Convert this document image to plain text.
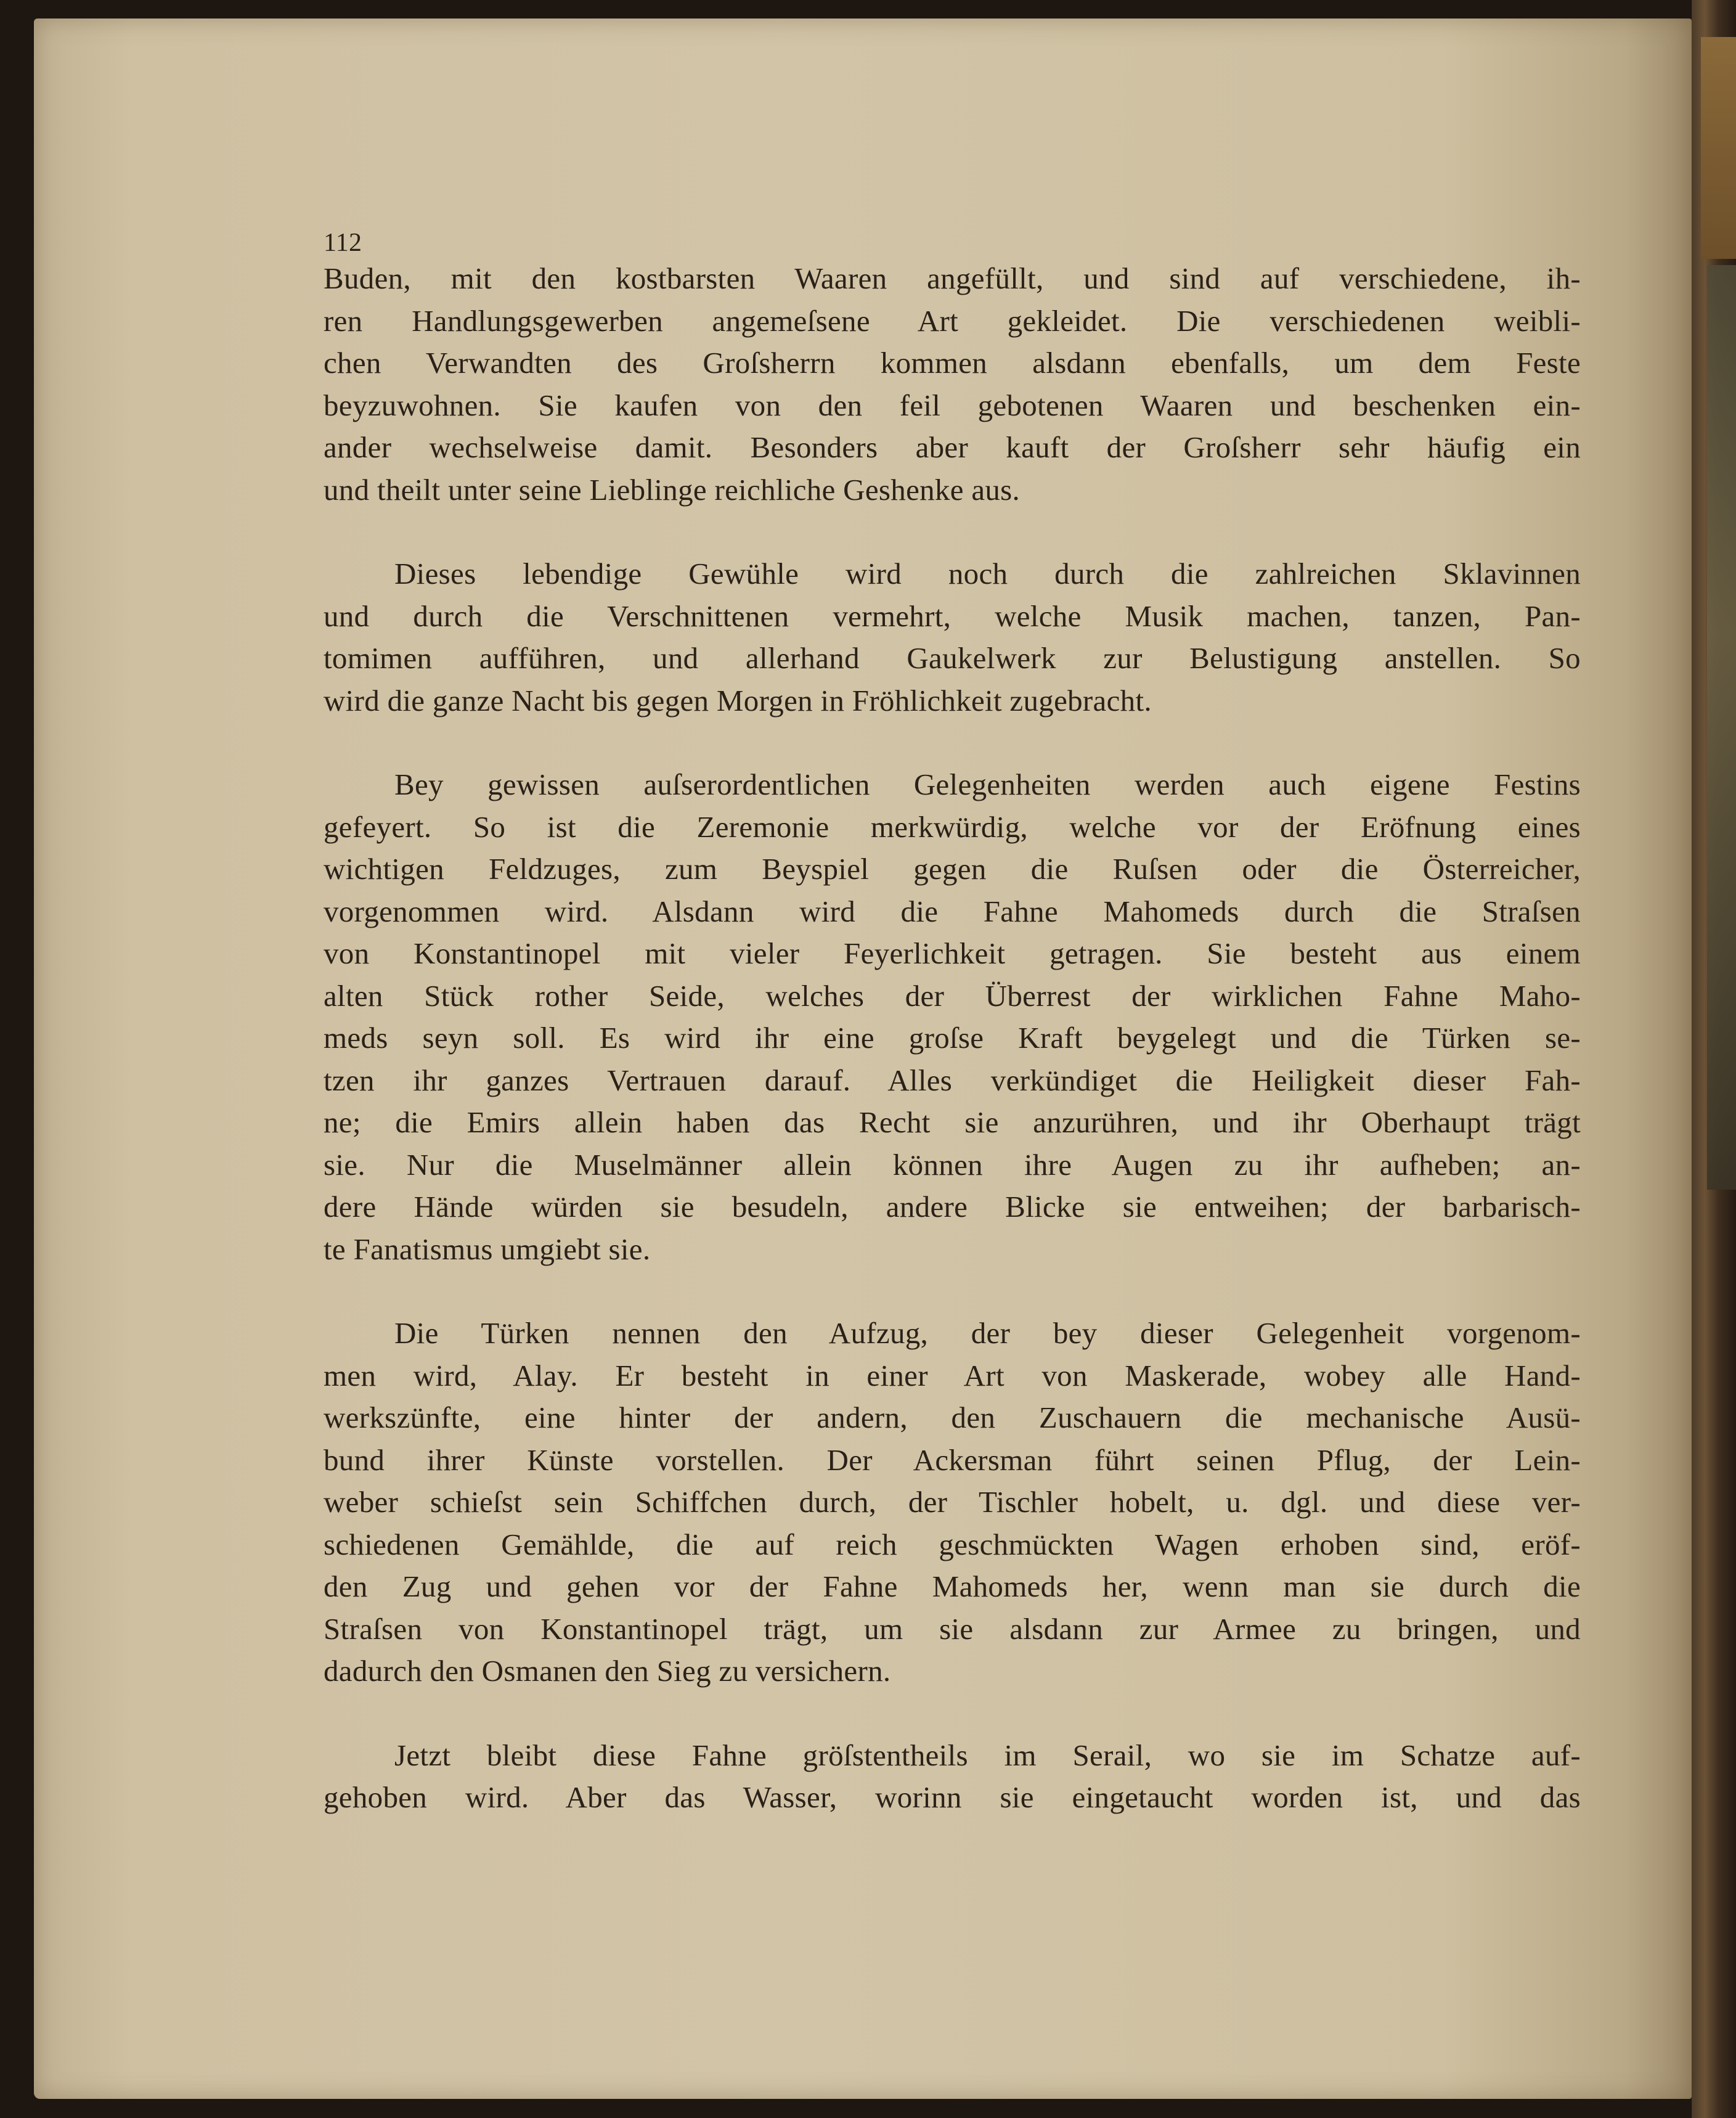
112
Buden, mit den kostbarsten Waaren angefüllt, und sind auf verschiedene, ih-
ren Handlungsgewerben angemeſsene Art gekleidet. Die verschiedenen weibli-
chen Verwandten des Groſsherrn kommen alsdann ebenfalls, um dem Feste
beyzuwohnen. Sie kaufen von den feil gebotenen Waaren und beschenken ein-
ander wechselweise damit. Besonders aber kauft der Groſsherr sehr häufig ein
und theilt unter seine Lieblinge reichliche Geshenke aus.
Dieses lebendige Gewühle wird noch durch die zahlreichen Sklavinnen
und durch die Verschnittenen vermehrt, welche Musik machen, tanzen, Pan-
tomimen aufführen, und allerhand Gaukelwerk zur Belustigung anstellen. So
wird die ganze Nacht bis gegen Morgen in Fröhlichkeit zugebracht.
Bey gewissen auſserordentlichen Gelegenheiten werden auch eigene Festins
gefeyert. So ist die Zeremonie merkwürdig, welche vor der Eröfnung eines
wichtigen Feldzuges, zum Beyspiel gegen die Ruſsen oder die Österreicher,
vorgenommen wird. Alsdann wird die Fahne Mahomeds durch die Straſsen
von Konstantinopel mit vieler Feyerlichkeit getragen. Sie besteht aus einem
alten Stück rother Seide, welches der Überrest der wirklichen Fahne Maho-
meds seyn soll. Es wird ihr eine groſse Kraft beygelegt und die Türken se-
tzen ihr ganzes Vertrauen darauf. Alles verkündiget die Heiligkeit dieser Fah-
ne; die Emirs allein haben das Recht sie anzurühren, und ihr Oberhaupt trägt
sie. Nur die Muselmänner allein können ihre Augen zu ihr aufheben; an-
dere Hände würden sie besudeln, andere Blicke sie entweihen; der barbarisch-
te Fanatismus umgiebt sie.
Die Türken nennen den Aufzug, der bey dieser Gelegenheit vorgenom-
men wird, Alay. Er besteht in einer Art von Maskerade, wobey alle Hand-
werkszünfte, eine hinter der andern, den Zuschauern die mechanische Ausü-
bund ihrer Künste vorstellen. Der Ackersman führt seinen Pflug, der Lein-
weber schieſst sein Schiffchen durch, der Tischler hobelt, u. dgl. und diese ver-
schiedenen Gemählde, die auf reich geschmückten Wagen erhoben sind, eröf-
den Zug und gehen vor der Fahne Mahomeds her, wenn man sie durch die
Straſsen von Konstantinopel trägt, um sie alsdann zur Armee zu bringen, und
dadurch den Osmanen den Sieg zu versichern.
Jetzt bleibt diese Fahne gröſstentheils im Serail, wo sie im Schatze auf-
gehoben wird. Aber das Wasser, worinn sie eingetaucht worden ist, und das
